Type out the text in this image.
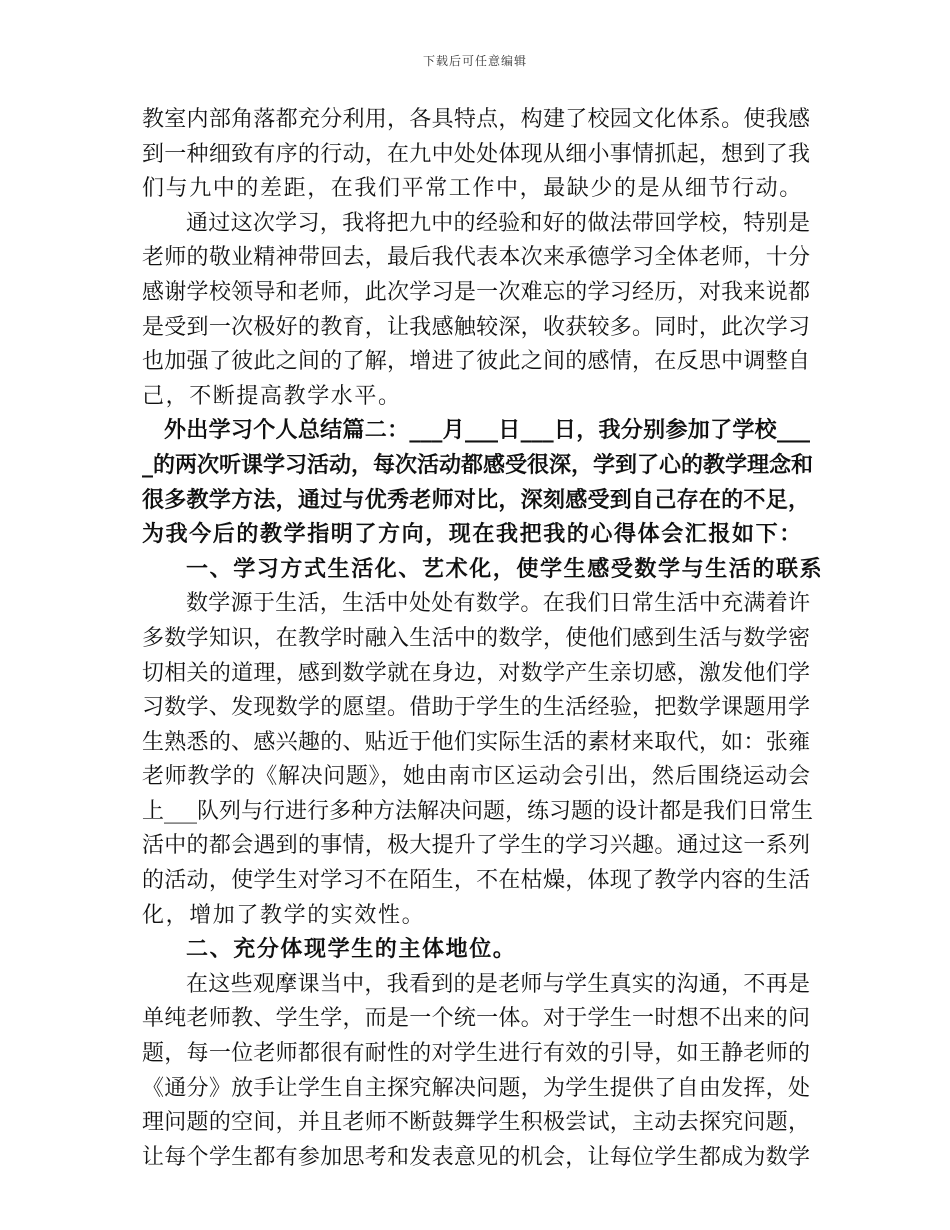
下载后可任意编辑
教室内部角落都充分利用，各具特点，构建了校园文化体系。使我感
到一种细致有序的行动，在九中处处体现从细小事情抓起，想到了我
们与九中的差距，在我们平常工作中，最缺少的是从细节行动。
通过这次学习，我将把九中的经验和好的做法带回学校，特别是
老师的敬业精神带回去，最后我代表本次来承德学习全体老师，十分
感谢学校领导和老师，此次学习是一次难忘的学习经历，对我来说都
是受到一次极好的教育，让我感触较深，收获较多。同时，此次学习
也加强了彼此之间的了解，增进了彼此之间的感情，在反思中调整自
己，不断提高教学水平。
外出学习个人总结篇二：___月___日___日，我分别参加了学校___
_的两次听课学习活动，每次活动都感受很深，学到了心的教学理念和
很多教学方法，通过与优秀老师对比，深刻感受到自己存在的不足，
为我今后的教学指明了方向，现在我把我的心得体会汇报如下：
一、学习方式生活化、艺术化，使学生感受数学与生活的联系
数学源于生活，生活中处处有数学。在我们日常生活中充满着许
多数学知识，在教学时融入生活中的数学，使他们感到生活与数学密
切相关的道理，感到数学就在身边，对数学产生亲切感，激发他们学
习数学、发现数学的愿望。借助于学生的生活经验，把数学课题用学
生熟悉的、感兴趣的、贴近于他们实际生活的素材来取代，如：张雍
老师教学的《解决问题》，她由南市区运动会引出，然后围绕运动会
上___队列与行进行多种方法解决问题，练习题的设计都是我们日常生
活中的都会遇到的事情，极大提升了学生的学习兴趣。通过这一系列
的活动，使学生对学习不在陌生，不在枯燥，体现了教学内容的生活
化，增加了教学的实效性。
二、充分体现学生的主体地位。
在这些观摩课当中，我看到的是老师与学生真实的沟通，不再是
单纯老师教、学生学，而是一个统一体。对于学生一时想不出来的问
题，每一位老师都很有耐性的对学生进行有效的引导，如王静老师的
《通分》放手让学生自主探究解决问题，为学生提供了自由发挥，处
理问题的空间，并且老师不断鼓舞学生积极尝试，主动去探究问题，
让每个学生都有参加思考和发表意见的机会，让每位学生都成为数学
